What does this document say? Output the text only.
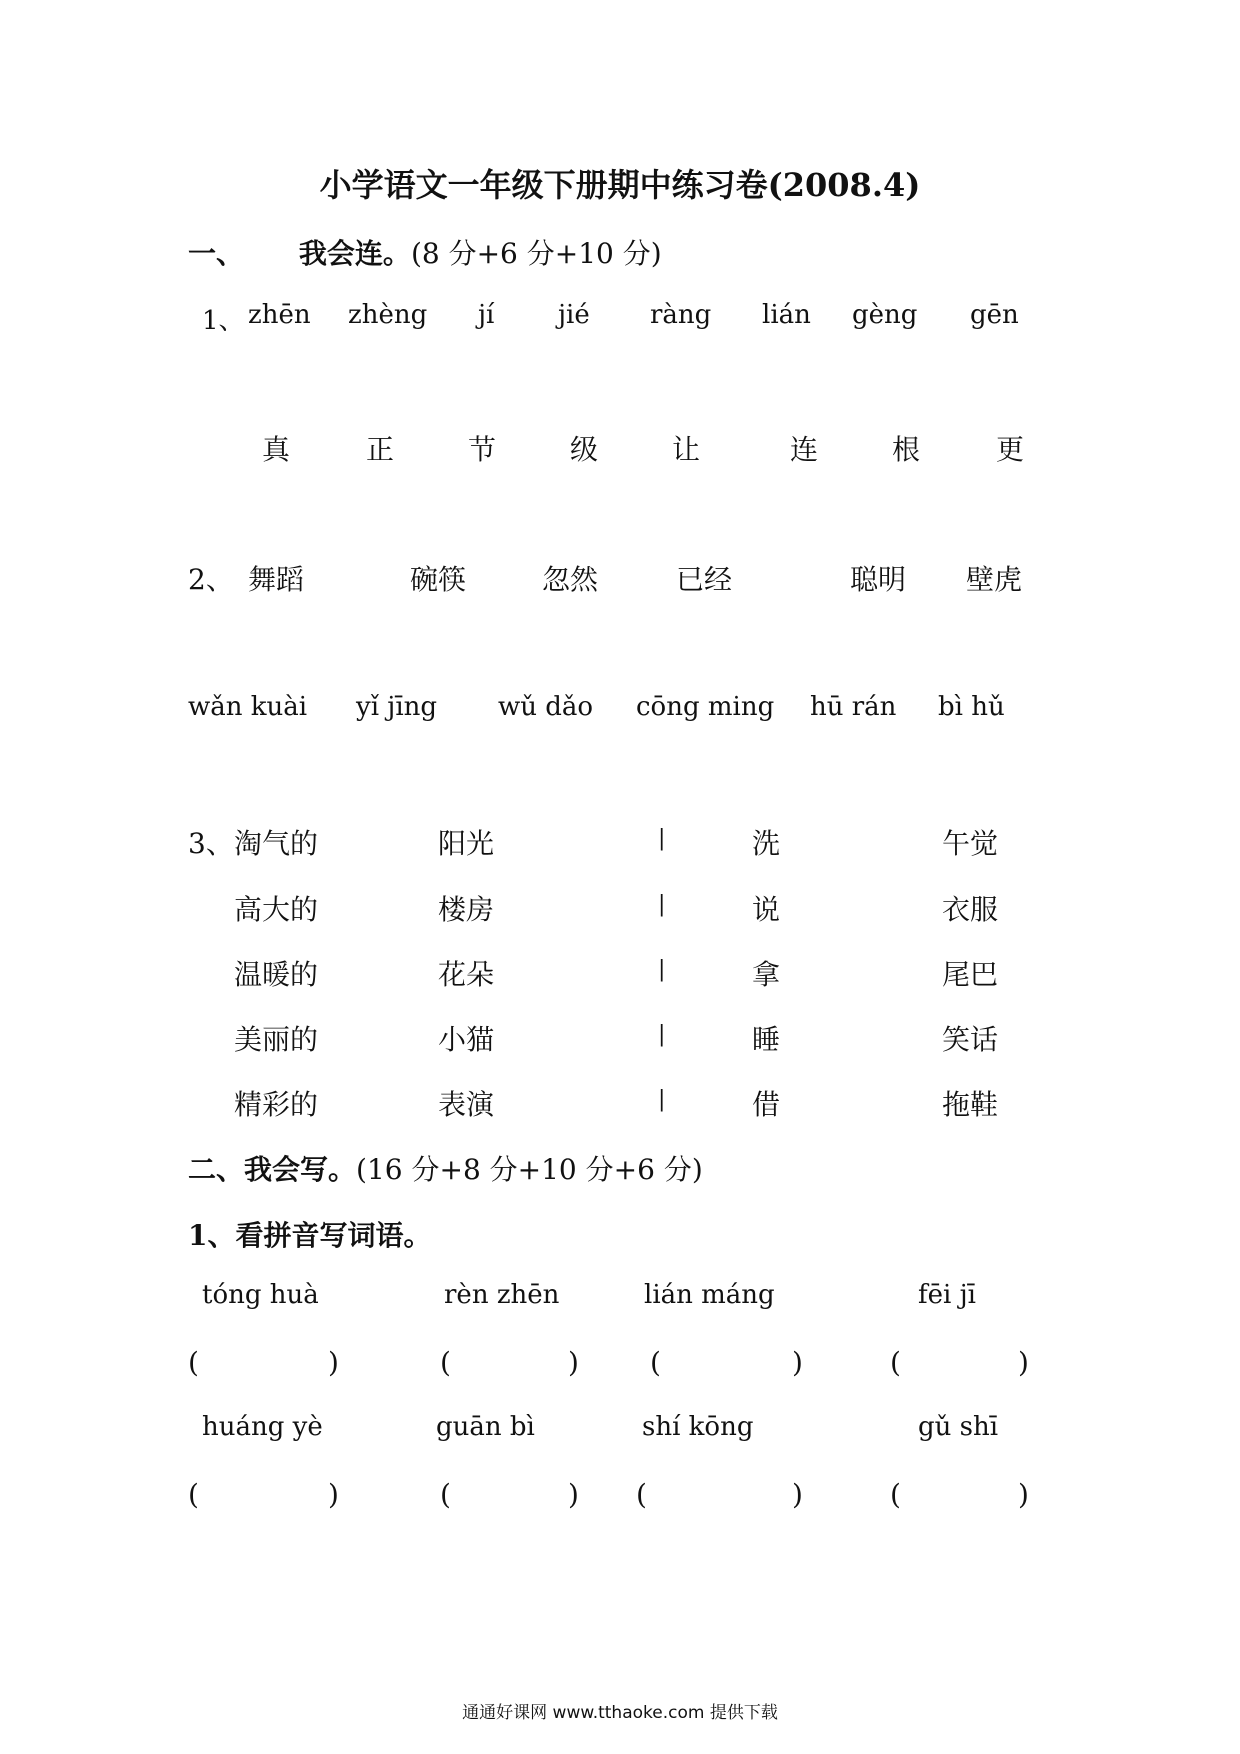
小学语文一年级下册期中练习卷(2008.4)
一、 我会连。(8 分+6 分+10 分)
1、 zhēn zhèng jí jié ràng lián gèng gēn
真	正	节	级	让	连	根	更
2、 舞蹈	碗筷	忽然	已经	聪明 壁虎
wǎn kuài yǐ jīng wǔ dǎo cōng ming hū rán bì hǔ
3、 淘气的	阳光	|	洗	午觉
高大的	楼房	|	说	衣服
温暖的	花朵	|	拿	尾巴
美丽的	小猫	|	睡	笑话
精彩的	表演	|	借	拖鞋
二、我会写。(16 分+8 分+10 分+6 分)
1、看拼音写词语。
tóng huà	rèn zhēn	lián máng	fēi jī
(	)	(	)	(	)	(	)
huáng yè	guān bì	shí kōng	gǔ shī
(	)	(	) (	)	(	)
通通好课网 www.tthaoke.com 提供下载
